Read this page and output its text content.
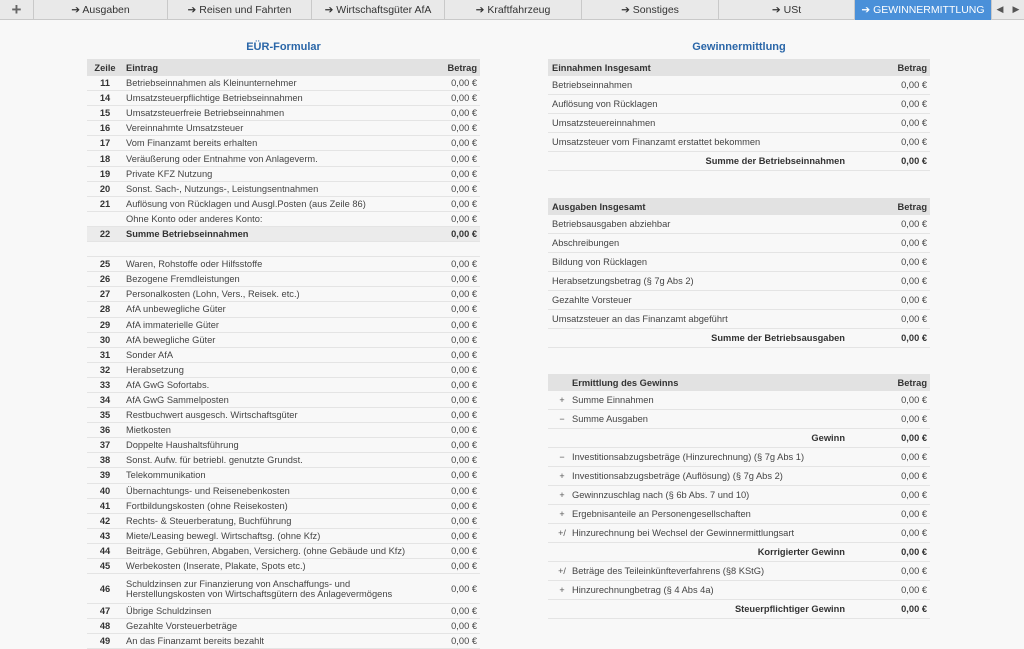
+	➔ Ausgaben	➔ Reisen und Fahrten	➔ Wirtschaftsgüter AfA	➔ Kraftfahrzeug	➔ Sonstiges	➔ USt	➔ GEWINNERMITTLUNG	◀ ▶
EÜR-Formular	Gewinnermittlung
Zeile	Eintrag	Betrag
11	Betriebseinnahmen als Kleinunternehmer	0,00 €
14	Umsatzsteuerpflichtige Betriebseinnahmen	0,00 €
15	Umsatzsteuerfreie Betriebseinnahmen	0,00 €
16	Vereinnahmte Umsatzsteuer	0,00 €
17	Vom Finanzamt bereits erhalten	0,00 €
18	Veräußerung oder Entnahme von Anlageverm.	0,00 €
19	Private KFZ Nutzung	0,00 €
20	Sonst. Sach-, Nutzungs-, Leistungsentnahmen	0,00 €
21	Auflösung von Rücklagen und Ausgl.Posten (aus Zeile 86)	0,00 €
Ohne Konto oder anderes Konto:	0,00 €
22	Summe Betriebseinnahmen	0,00 €
25	Waren, Rohstoffe oder Hilfsstoffe	0,00 €
26	Bezogene Fremdleistungen	0,00 €
27	Personalkosten (Lohn, Vers., Reisek. etc.)	0,00 €
28	AfA unbewegliche Güter	0,00 €
29	AfA immaterielle Güter	0,00 €
30	AfA bewegliche Güter	0,00 €
31	Sonder AfA	0,00 €
32	Herabsetzung	0,00 €
33	AfA GwG Sofortabs.	0,00 €
34	AfA GwG Sammelposten	0,00 €
35	Restbuchwert ausgesch. Wirtschaftsgüter	0,00 €
36	Mietkosten	0,00 €
37	Doppelte Haushaltsführung	0,00 €
38	Sonst. Aufw. für betriebl. genutzte Grundst.	0,00 €
39	Telekommunikation	0,00 €
40	Übernachtungs- und Reisenebenkosten	0,00 €
41	Fortbildungskosten (ohne Reisekosten)	0,00 €
42	Rechts- & Steuerberatung, Buchführung	0,00 €
43	Miete/Leasing bewegl. Wirtschaftsg. (ohne Kfz)	0,00 €
44	Beiträge, Gebühren, Abgaben, Versicherg. (ohne Gebäude und Kfz)	0,00 €
45	Werbekosten (Inserate, Plakate, Spots etc.)	0,00 €
46	Schuldzinsen zur Finanzierung von Anschaffungs- und Herstellungskosten von Wirtschaftsgütern des Anlagevermögens	0,00 €
47	Übrige Schuldzinsen	0,00 €
48	Gezahlte Vorsteuerbeträge	0,00 €
49	An das Finanzamt bereits bezahlt	0,00 €
Einnahmen Insgesamt	Betrag
Betriebseinnahmen	0,00 €
Auflösung von Rücklagen	0,00 €
Umsatzsteuereinnahmen	0,00 €
Umsatzsteuer vom Finanzamt erstattet bekommen	0,00 €
Summe der Betriebseinnahmen	0,00 €
Ausgaben Insgesamt	Betrag
Betriebsausgaben abziehbar	0,00 €
Abschreibungen	0,00 €
Bildung von Rücklagen	0,00 €
Herabsetzungsbetrag (§ 7g Abs 2)	0,00 €
Gezahlte Vorsteuer	0,00 €
Umsatzsteuer an das Finanzamt abgeführt	0,00 €
Summe der Betriebsausgaben	0,00 €
Ermittlung des Gewinns	Betrag
+ Summe Einnahmen	0,00 €
− Summe Ausgaben	0,00 €
Gewinn	0,00 €
− Investitionsabzugsbeträge (Hinzurechnung) (§ 7g Abs 1)	0,00 €
+ Investitionsabzugsbeträge (Auflösung) (§ 7g Abs 2)	0,00 €
+ Gewinnzuschlag nach (§ 6b Abs. 7 und 10)	0,00 €
+ Ergebnisanteile an Personengesellschaften	0,00 €
+/ Hinzurechnung bei Wechsel der Gewinnermittlungsart	0,00 €
Korrigierter Gewinn	0,00 €
+/ Beträge des Teileinkünfteverfahrens (§8 KStG)	0,00 €
+ Hinzurechnungbetrag (§ 4 Abs 4a)	0,00 €
Steuerpflichtiger Gewinn	0,00 €
